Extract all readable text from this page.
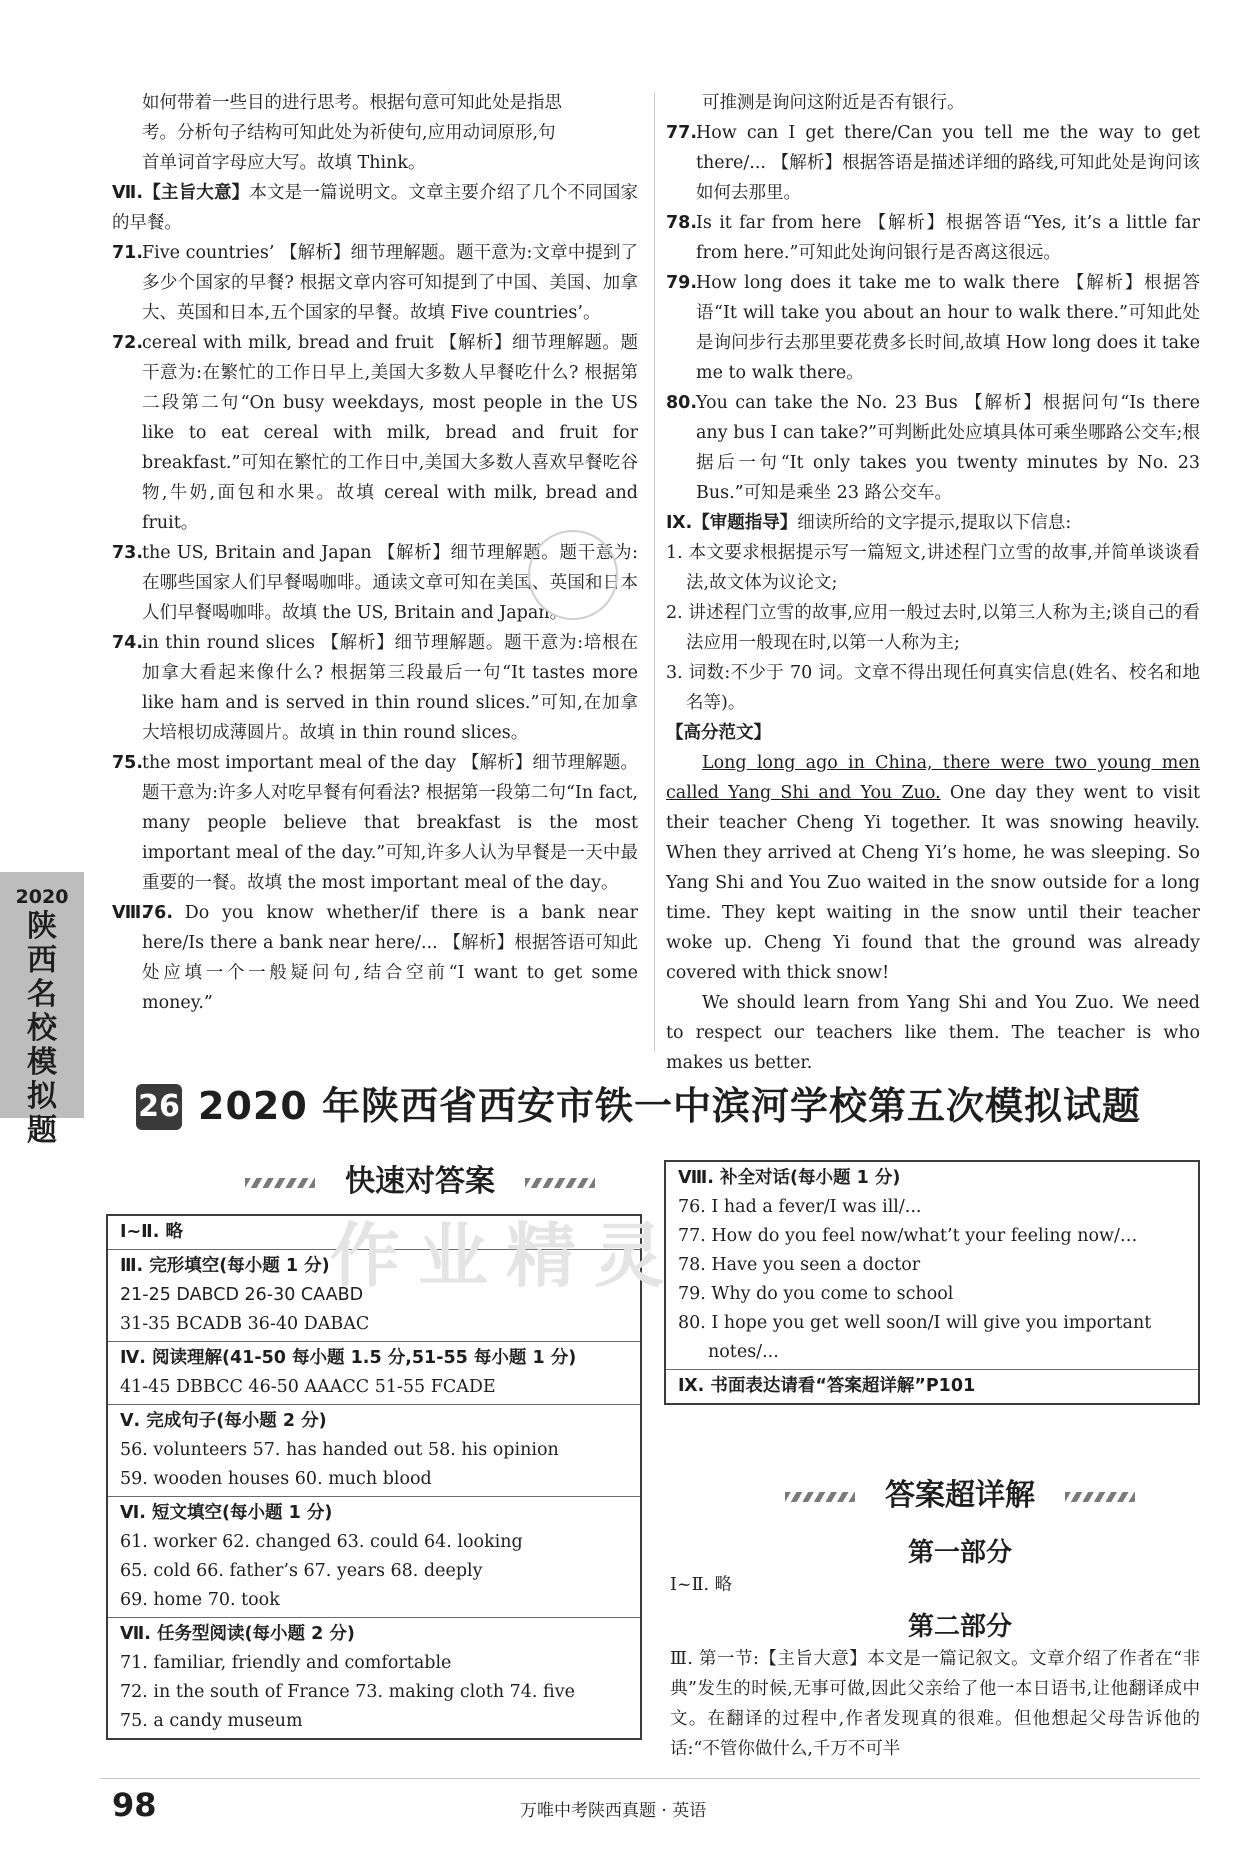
如何带着一些目的进行思考。根据句意可知此处是指思

考。分析句子结构可知此处为祈使句,应用动词原形,句

首单词首字母应大写。故填 Think。

Ⅶ.【主旨大意】本文是一篇说明文。文章主要介绍了几个不同国家的早餐。

71.Five countries’ 【解析】细节理解题。题干意为:文章中提到了多少个国家的早餐? 根据文章内容可知提到了中国、美国、加拿大、英国和日本,五个国家的早餐。故填 Five countries’。

72.cereal with milk, bread and fruit 【解析】细节理解题。题干意为:在繁忙的工作日早上,美国大多数人早餐吃什么? 根据第二段第二句“On busy weekdays, most people in the US like to eat cereal with milk, bread and fruit for breakfast.”可知在繁忙的工作日中,美国大多数人喜欢早餐吃谷物,牛奶,面包和水果。故填 cereal with milk, bread and fruit。

73.the US, Britain and Japan 【解析】细节理解题。题干意为:在哪些国家人们早餐喝咖啡。通读文章可知在美国、英国和日本人们早餐喝咖啡。故填 the US, Britain and Japan。

74.in thin round slices 【解析】细节理解题。题干意为:培根在加拿大看起来像什么? 根据第三段最后一句“It tastes more like ham and is served in thin round slices.”可知,在加拿大培根切成薄圆片。故填 in thin round slices。

75.the most important meal of the day 【解析】细节理解题。题干意为:许多人对吃早餐有何看法? 根据第一段第二句“In fact, many people believe that breakfast is the most important meal of the day.”可知,许多人认为早餐是一天中最重要的一餐。故填 the most important meal of the day。

Ⅷ.76. Do you know whether/if there is a bank near here/Is there a bank near here/... 【解析】根据答语可知此处应填一个一般疑问句,结合空前“I want to get some money.”

可推测是询问这附近是否有银行。

77.How can I get there/Can you tell me the way to get there/... 【解析】根据答语是描述详细的路线,可知此处是询问该如何去那里。

78.Is it far from here 【解析】根据答语“Yes, it’s a little far from here.”可知此处询问银行是否离这很远。

79.How long does it take me to walk there 【解析】根据答语“It will take you about an hour to walk there.”可知此处是询问步行去那里要花费多长时间,故填 How long does it take me to walk there。

80.You can take the No. 23 Bus 【解析】根据问句“Is there any bus I can take?”可判断此处应填具体可乘坐哪路公交车;根据后一句“It only takes you twenty minutes by No. 23 Bus.”可知是乘坐 23 路公交车。

Ⅸ.【审题指导】细读所给的文字提示,提取以下信息:

1. 本文要求根据提示写一篇短文,讲述程门立雪的故事,并简单谈谈看法,故文体为议论文;

2. 讲述程门立雪的故事,应用一般过去时,以第三人称为主;谈自己的看法应用一般现在时,以第一人称为主;

3. 词数:不少于 70 词。文章不得出现任何真实信息(姓名、校名和地名等)。

【高分范文】

Long long ago in China, there were two young men called Yang Shi and You Zuo. One day they went to visit their teacher Cheng Yi together. It was snowing heavily. When they arrived at Cheng Yi’s home, he was sleeping. So Yang Shi and You Zuo waited in the snow outside for a long time. They kept waiting in the snow until their teacher woke up. Cheng Yi found that the ground was already covered with thick snow!

We should learn from Yang Shi and You Zuo. We need to respect our teachers like them. The teacher is who makes us better.

2020
陕
西
名
校
模
拟
题
26 2020 年陕西省西安市铁一中滨河学校第五次模拟试题
快速对答案
Ⅰ~Ⅱ. 略
Ⅲ. 完形填空(每小题 1 分)
21-25 DABCD 26-30 CAABD
31-35 BCADB 36-40 DABAC
Ⅳ. 阅读理解(41-50 每小题 1.5 分,51-55 每小题 1 分)
41-45 DBBCC 46-50 AAACC 51-55 FCADE
Ⅴ. 完成句子(每小题 2 分)
56. volunteers 57. has handed out 58. his opinion
59. wooden houses 60. much blood
Ⅵ. 短文填空(每小题 1 分)
61. worker 62. changed 63. could 64. looking
65. cold 66. father’s 67. years 68. deeply
69. home 70. took
Ⅶ. 任务型阅读(每小题 2 分)
71. familiar, friendly and comfortable
72. in the south of France 73. making cloth 74. five
75. a candy museum
Ⅷ. 补全对话(每小题 1 分)
76. I had a fever/I was ill/...
77. How do you feel now/what’t your feeling now/…
78. Have you seen a doctor
79. Why do you come to school
80. I hope you get well soon/I will give you important notes/...
Ⅸ. 书面表达请看“答案超详解”P101
答案超详解
第一部分
Ⅰ~Ⅱ. 略
第二部分

Ⅲ. 第一节:【主旨大意】本文是一篇记叙文。文章介绍了作者在“非典”发生的时候,无事可做,因此父亲给了他一本日语书,让他翻译成中文。在翻译的过程中,作者发现真的很难。但他想起父母告诉他的话:“不管你做什么,千万不可半

作业精灵
98	万唯中考陕西真题 · 英语
